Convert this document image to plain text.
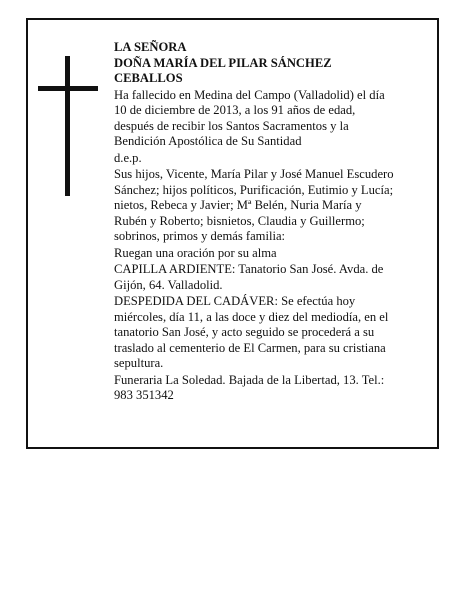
LA SEÑORA
DOÑA MARÍA DEL PILAR SÁNCHEZ
CEBALLOS
Ha fallecido en Medina del Campo (Valladolid) el día
10 de diciembre de 2013, a los 91 años de edad,
después de recibir los Santos Sacramentos y la
Bendición Apostólica de Su Santidad
d.e.p.
Sus hijos, Vicente, María Pilar y José Manuel Escudero
Sánchez; hijos políticos, Purificación, Eutimio y Lucía;
nietos, Rebeca y Javier; Mª Belén, Nuria María y
Rubén y Roberto; bisnietos, Claudia y Guillermo;
sobrinos, primos y demás familia:
Ruegan una oración por su alma
CAPILLA ARDIENTE: Tanatorio San José. Avda. de
Gijón, 64. Valladolid.
DESPEDIDA DEL CADÁVER: Se efectúa hoy
miércoles, día 11, a las doce y diez del mediodía, en el
tanatorio San José, y acto seguido se procederá a su
traslado al cementerio de El Carmen, para su cristiana
sepultura.
Funeraria La Soledad. Bajada de la Libertad, 13. Tel.:
983 351342
